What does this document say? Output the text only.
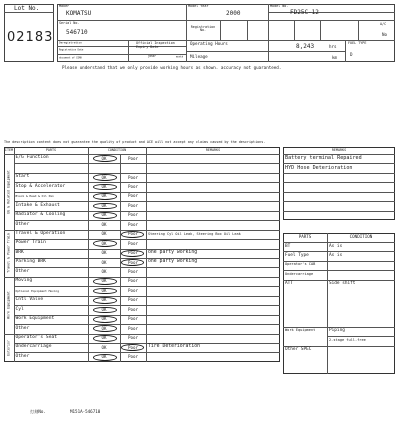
Lot No.
02183
Maker
KOMATSU
Model Year
2000
Model No.
FD25C-12
Serial No.
546710
Registration No.
A/C
No
Deregistration
Registration Date
document of CEMA
Official Inspection Expiry Date
year	month
Operating Hours	8,243	hrs
Mileage	km
FUEL TYPE
D
Please understand that we only provide working hours as shown. accuracy not guaranteed.
The description content does not guarantee the quality of product and ACE will not accept any claims caused by the descriptions.
ITEM	PARTS	CONDITION	REMARKS
EG & Related Equipment
E/G Function	OK	Poor
Start	OK	Poor
Stop & Accelerator	OK	Poor
Block & Head & Oil Pan	OK	Poor
Intake & Exhaust	OK	Poor
Radiator & Cooling	OK	Poor
Other	OK	Poor
Travel & Power Train Travel & Operation	OK	Poor	Steering Cyl Oil Leak, Steering Box Oil Leak
Power Train	OK	Poor
BRK	OK	Poor	one party working
Parking BRK	OK	Poor	one party working
Other	OK	Poor
Work Equipment
Moving	OK	Poor
Optional Equipment Moving	OK	Poor
Cntl Valve	OK	Poor
Cyl	OK	Poor
Work Equipment	OK	Poor
Other	OK	Poor
Exterior
Operator's Seat	OK	Poor
Undercarriage	OK	Poor	Tire Deterioration
Other	OK	Poor
REMARKS
Battery terminal Repaired
HYD Hose Deterioration
PARTS	CONDITION
BT	As is
Fuel Type	As is
Operator's CAB
Undercarriage
ATT	Side shift
Work Equipment	Piping
2-stage full-free
Other SPEC
打刻No.	M151A-546710
